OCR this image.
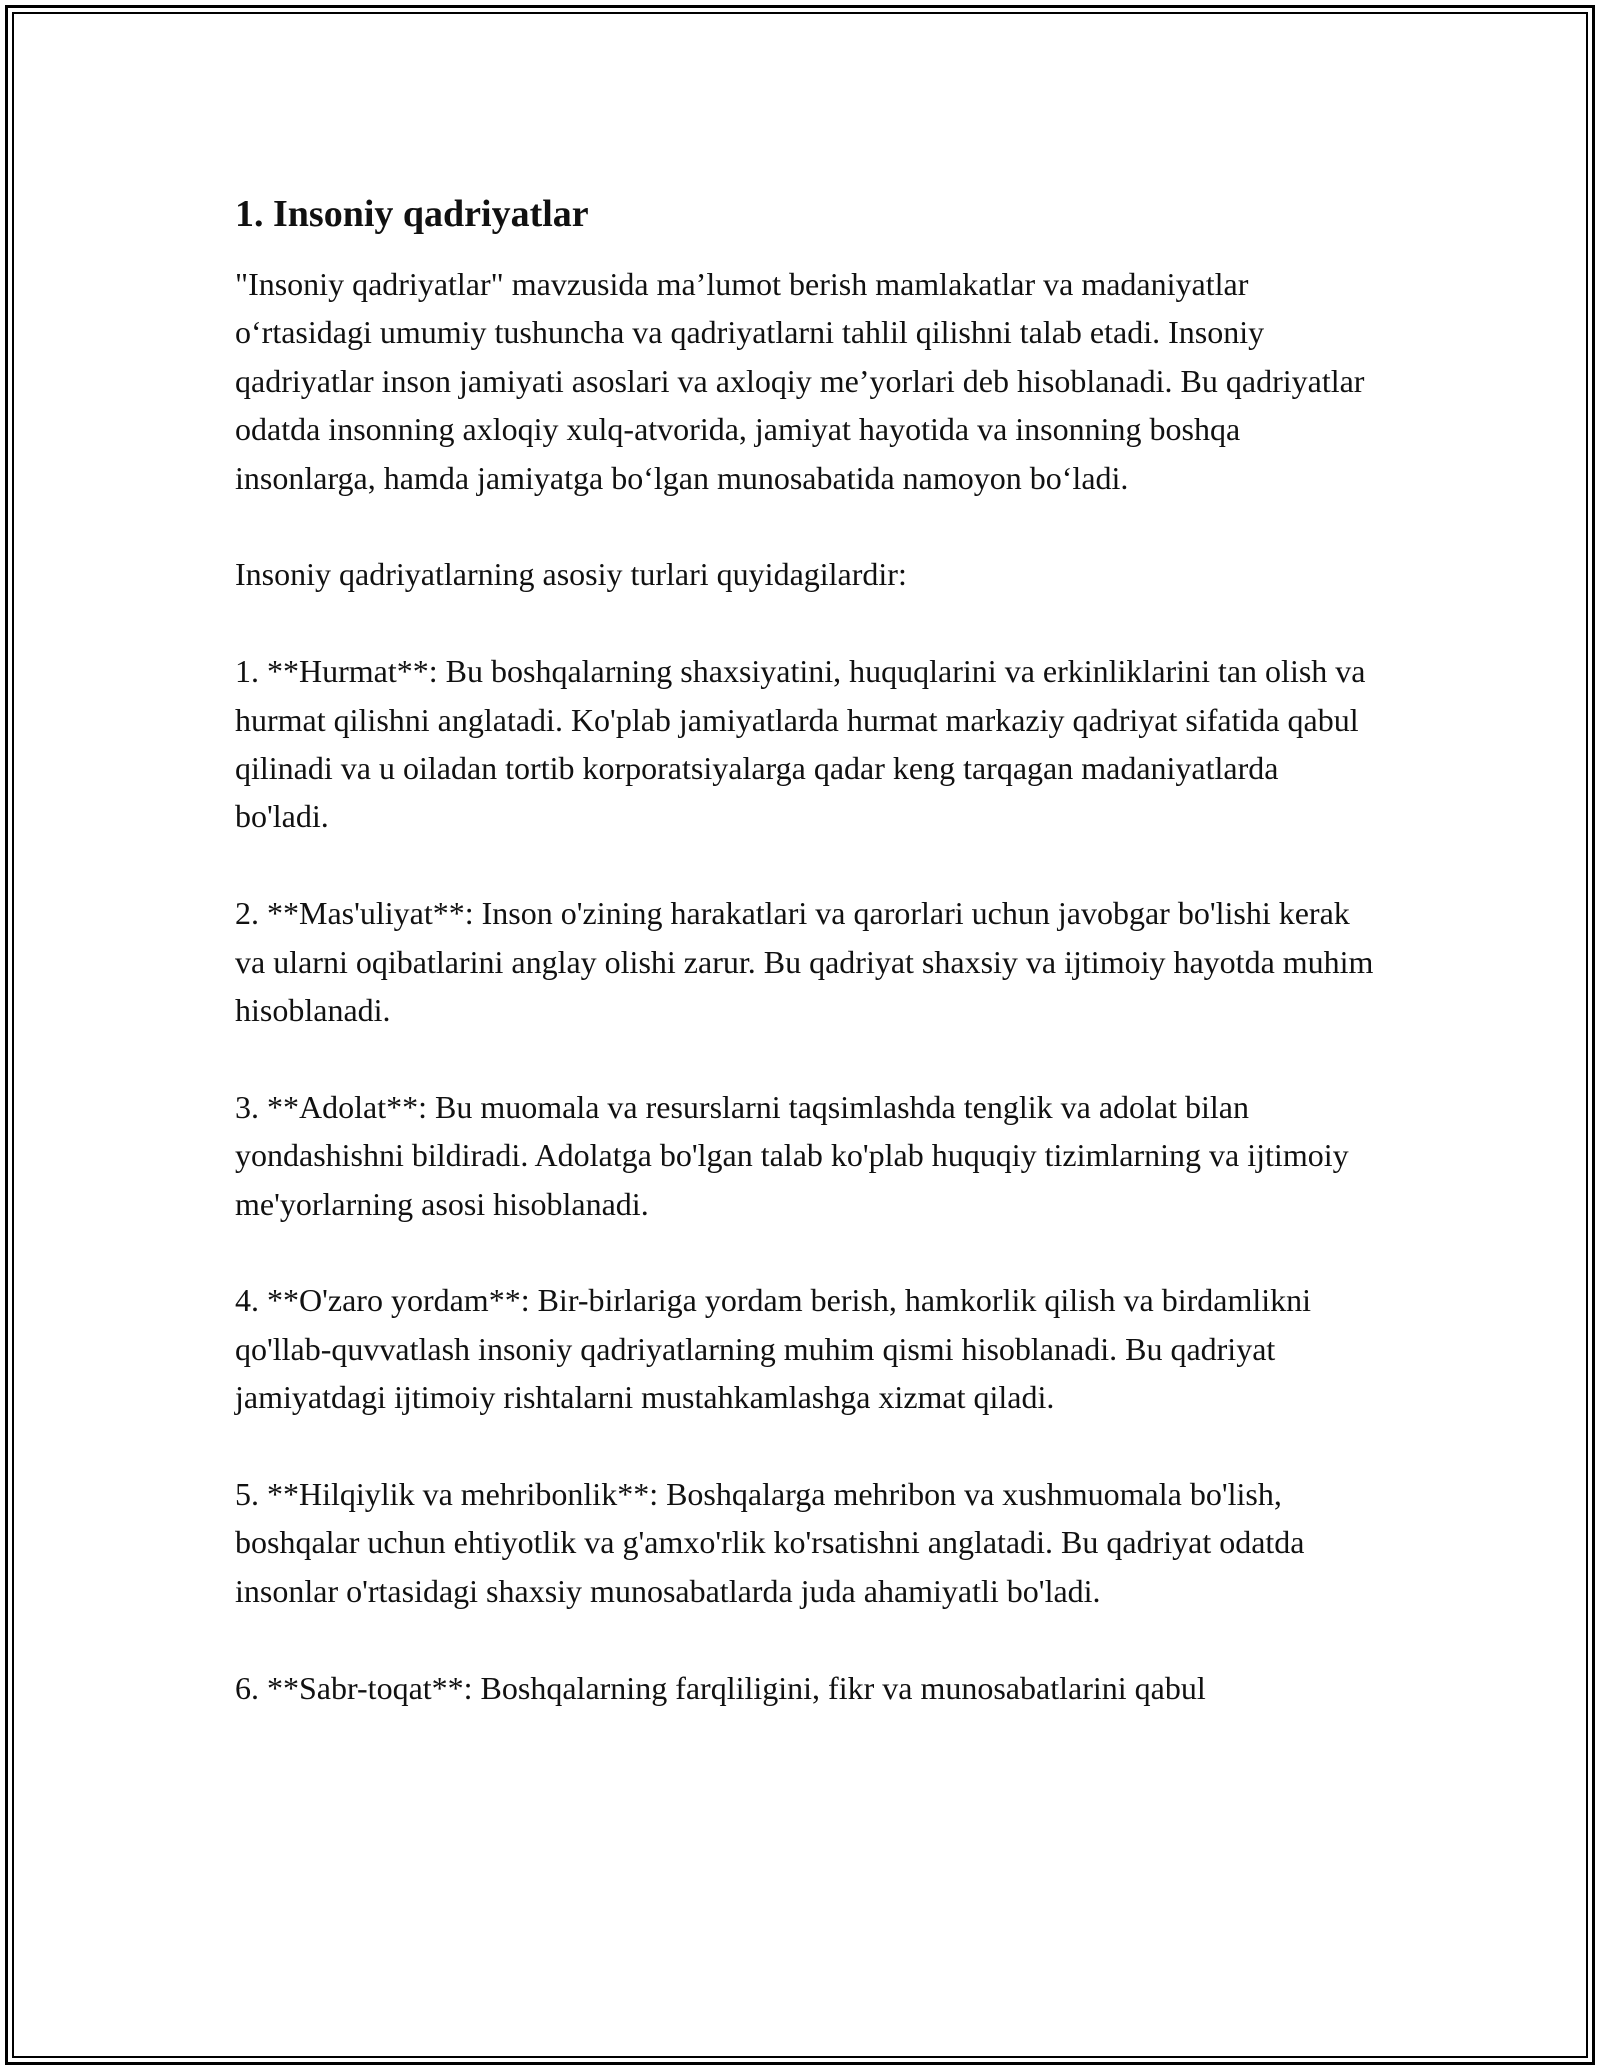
1. Insoniy qadriyatlar

"Insoniy qadriyatlar" mavzusida ma’lumot berish mamlakatlar va madaniyatlar o‘rtasidagi umumiy tushuncha va qadriyatlarni tahlil qilishni talab etadi. Insoniy qadriyatlar inson jamiyati asoslari va axloqiy me’yorlari deb hisoblanadi. Bu qadriyatlar odatda insonning axloqiy xulq-atvorida, jamiyat hayotida va insonning boshqa insonlarga, hamda jamiyatga bo‘lgan munosabatida namoyon bo‘ladi.

Insoniy qadriyatlarning asosiy turlari quyidagilardir:

1. **Hurmat**: Bu boshqalarning shaxsiyatini, huquqlarini va erkinliklarini tan olish va hurmat qilishni anglatadi. Ko'plab jamiyatlarda hurmat markaziy qadriyat sifatida qabul qilinadi va u oiladan tortib korporatsiyalarga qadar keng tarqagan madaniyatlarda bo'ladi.

2. **Mas'uliyat**: Inson o'zining harakatlari va qarorlari uchun javobgar bo'lishi kerak va ularni oqibatlarini anglay olishi zarur. Bu qadriyat shaxsiy va ijtimoiy hayotda muhim hisoblanadi.

3. **Adolat**: Bu muomala va resurslarni taqsimlashda tenglik va adolat bilan yondashishni bildiradi. Adolatga bo'lgan talab ko'plab huquqiy tizimlarning va ijtimoiy me'yorlarning asosi hisoblanadi.

4. **O'zaro yordam**: Bir-birlariga yordam berish, hamkorlik qilish va birdamlikni qo'llab-quvvatlash insoniy qadriyatlarning muhim qismi hisoblanadi. Bu qadriyat jamiyatdagi ijtimoiy rishtalarni mustahkamlashga xizmat qiladi.

5. **Hilqiylik va mehribonlik**: Boshqalarga mehribon va xushmuomala bo'lish, boshqalar uchun ehtiyotlik va g'amxo'rlik ko'rsatishni anglatadi. Bu qadriyat odatda insonlar o'rtasidagi shaxsiy munosabatlarda juda ahamiyatli bo'ladi.

6. **Sabr-toqat**: Boshqalarning farqliligini, fikr va munosabatlarini qabul
